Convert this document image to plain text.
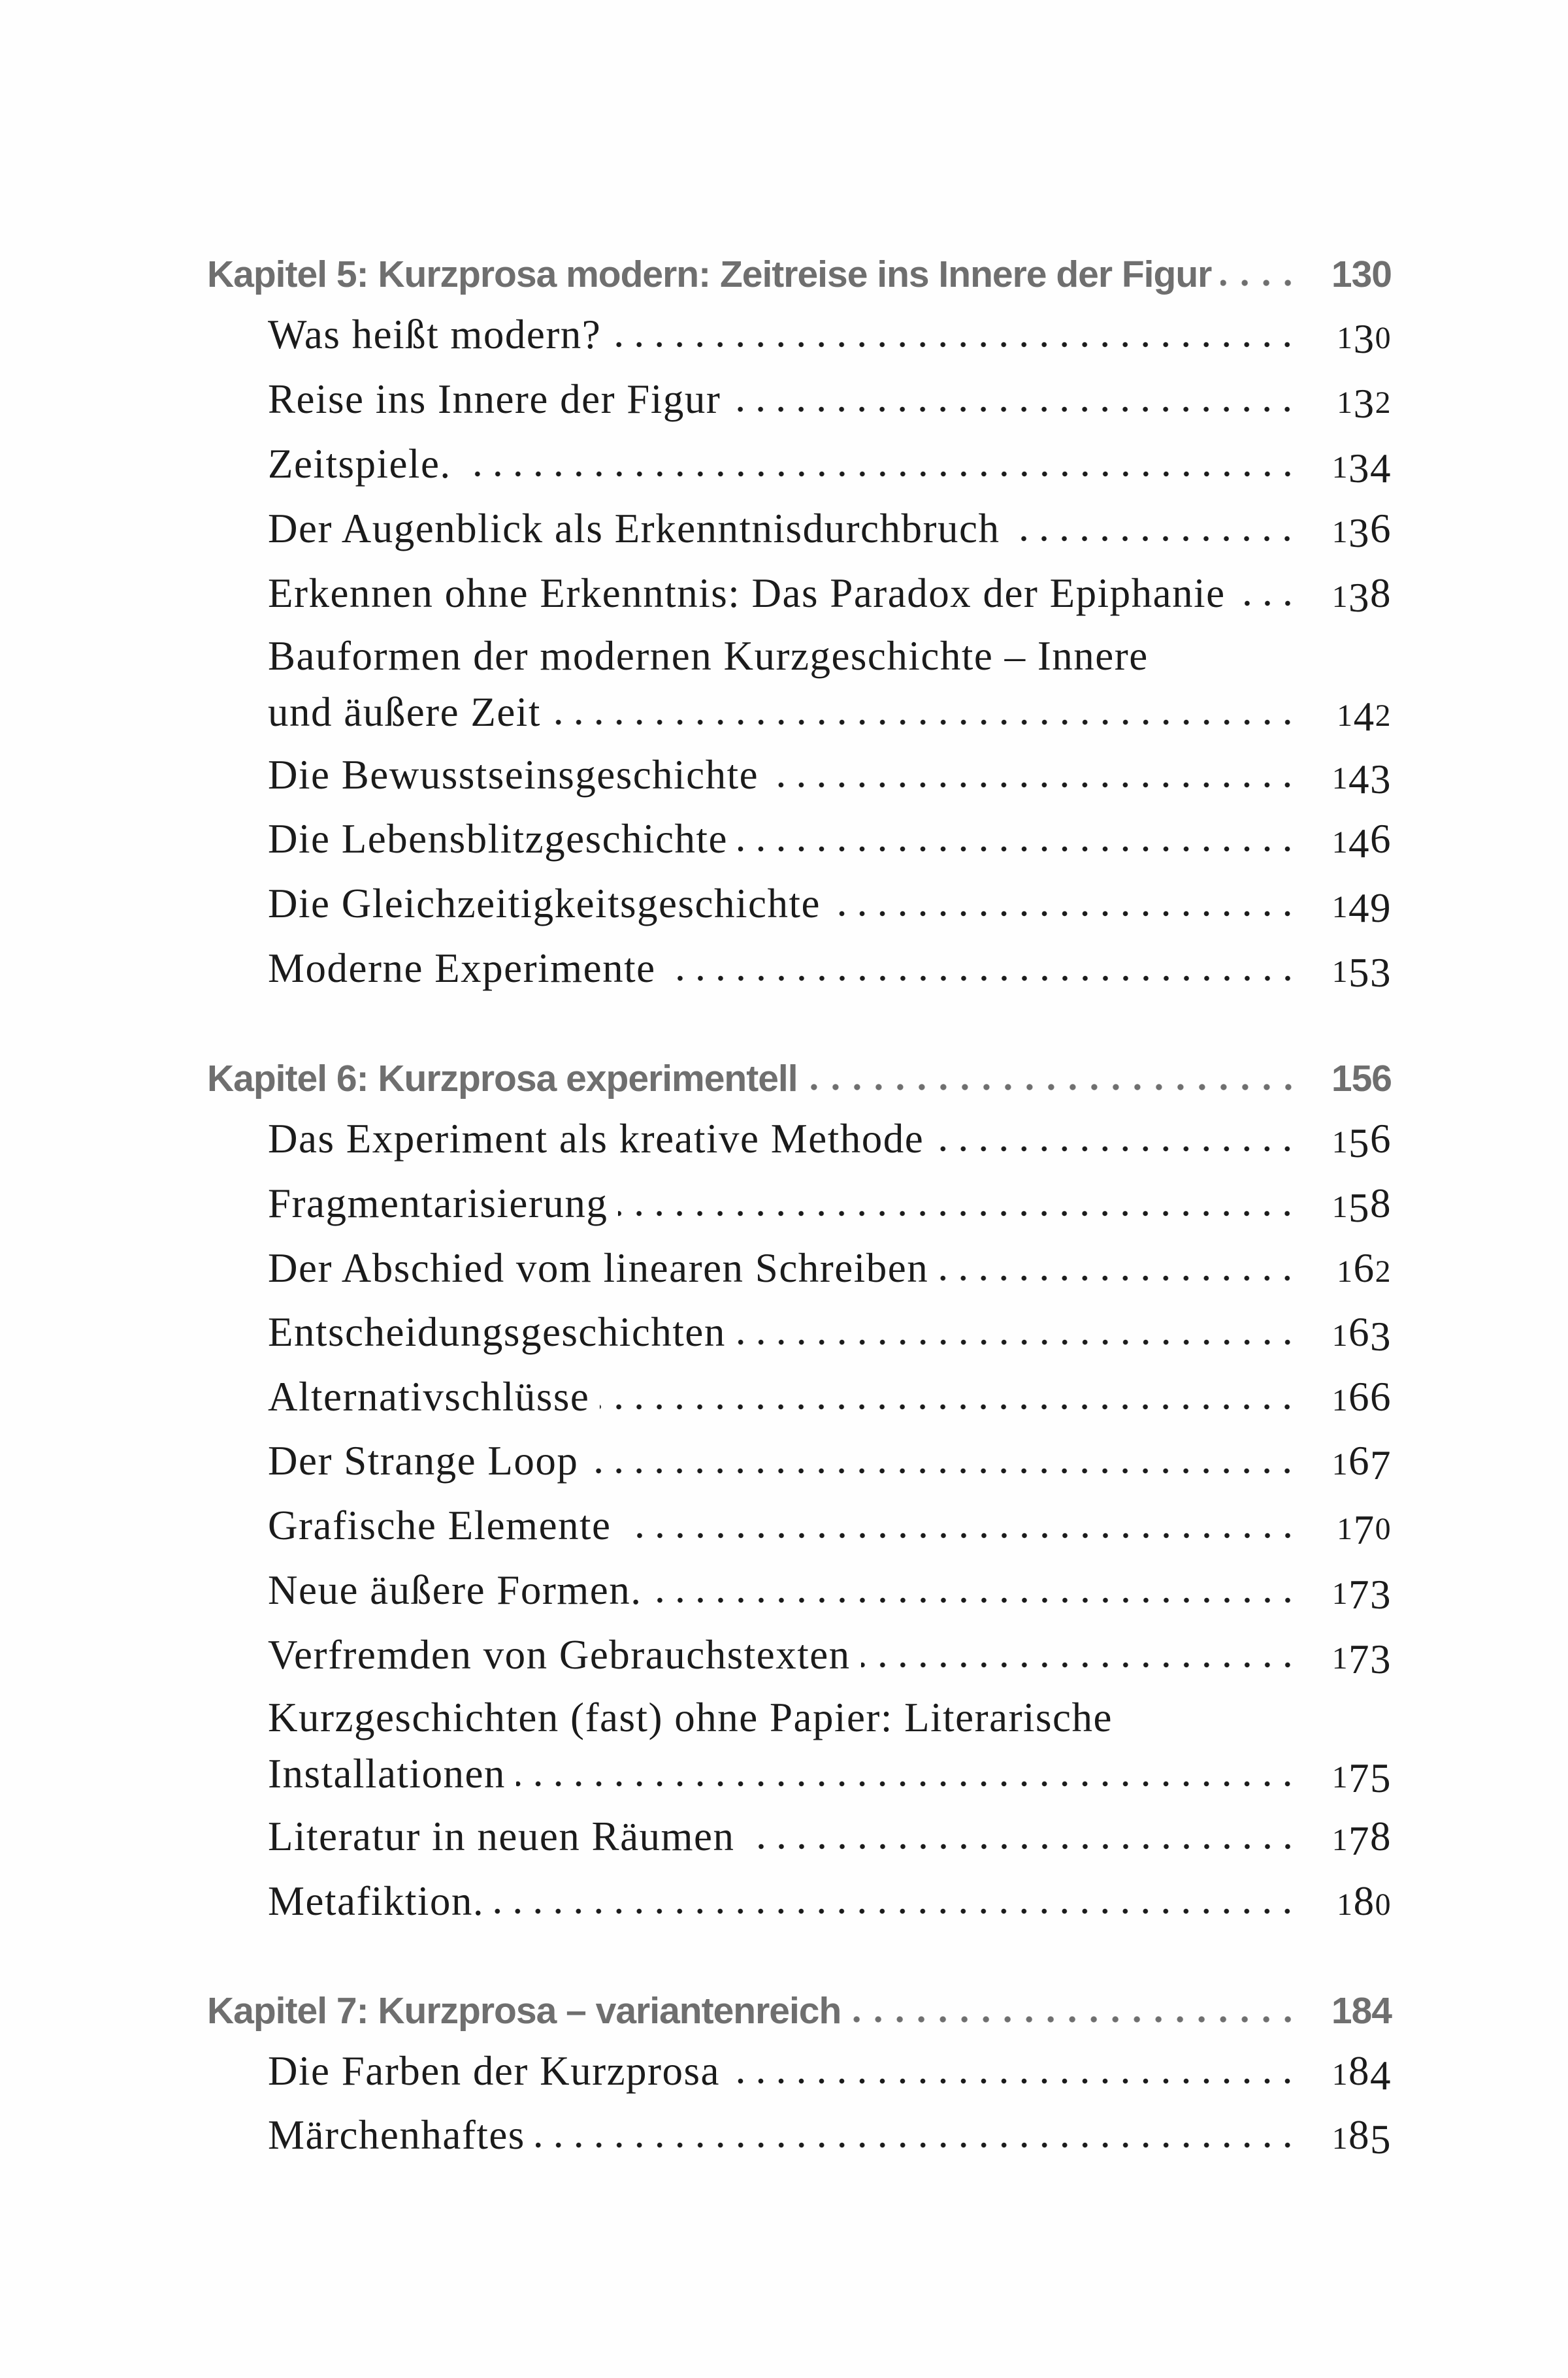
Kapitel 5: Kurzprosa modern: Zeitreise ins Innere der Figur	130
Was heißt modern?	130
Reise ins Innere der Figur	132
Zeitspiele.	134
Der Augenblick als Erkenntnisdurchbruch	136
Erkennen ohne Erkenntnis: Das Paradox der Epiphanie	138
Bauformen der modernen Kurzgeschichte – Innere
und äußere Zeit	142
Die Bewusstseinsgeschichte	143
Die Lebensblitzgeschichte	146
Die Gleichzeitigkeitsgeschichte	149
Moderne Experimente	153
Kapitel 6: Kurzprosa experimentell	156
Das Experiment als kreative Methode	156
Fragmentarisierung	158
Der Abschied vom linearen Schreiben	162
Entscheidungsgeschichten	163
Alternativschlüsse	166
Der Strange Loop	167
Grafische Elemente	170
Neue äußere Formen.	173
Verfremden von Gebrauchstexten	173
Kurzgeschichten (fast) ohne Papier: Literarische
Installationen	175
Literatur in neuen Räumen	178
Metafiktion.	180
Kapitel 7: Kurzprosa – variantenreich	184
Die Farben der Kurzprosa	184
Märchenhaftes	185
